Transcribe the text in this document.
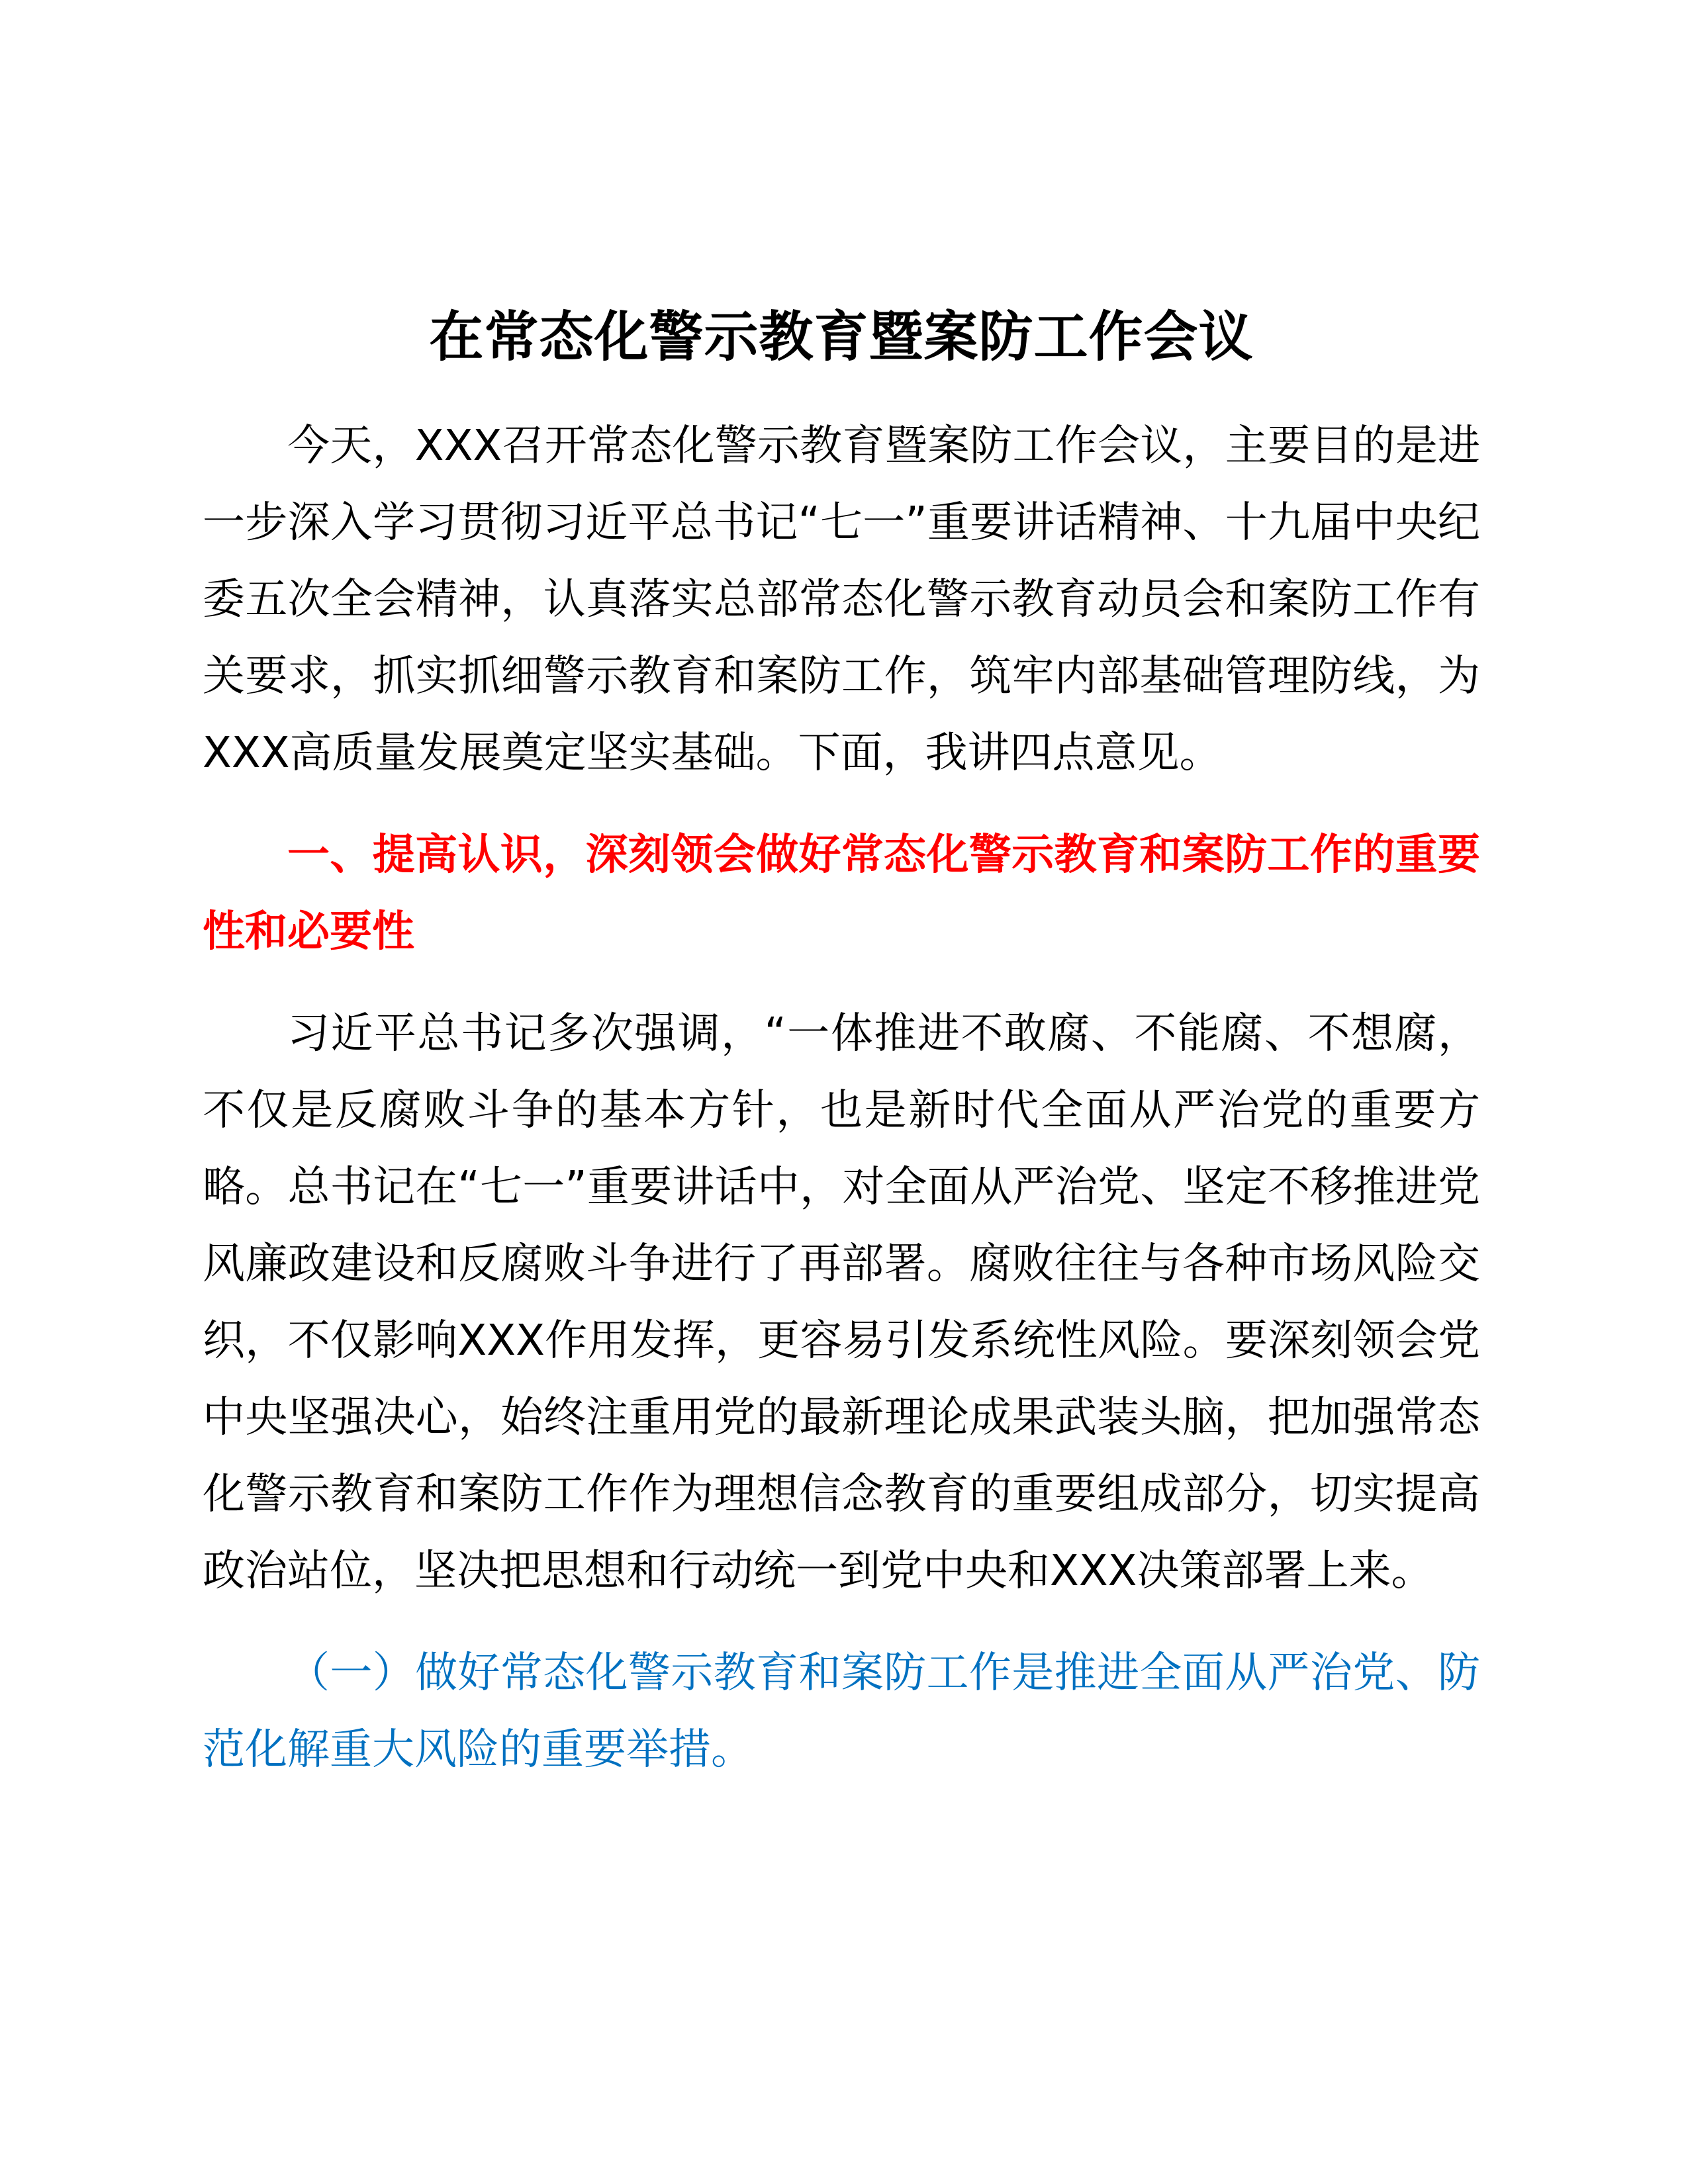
在常态化警示教育暨案防工作会议

今天，XXX召开常态化警示教育暨案防工作会议，主要目的是进一步深入学习贯彻习近平总书记“七一”重要讲话精神、十九届中央纪委五次全会精神，认真落实总部常态化警示教育动员会和案防工作有关要求，抓实抓细警示教育和案防工作，筑牢内部基础管理防线，为XXX高质量发展奠定坚实基础。下面，我讲四点意见。

一、提高认识，深刻领会做好常态化警示教育和案防工作的重要性和必要性

习近平总书记多次强调，“一体推进不敢腐、不能腐、不想腐，不仅是反腐败斗争的基本方针，也是新时代全面从严治党的重要方略。总书记在“七一”重要讲话中，对全面从严治党、坚定不移推进党风廉政建设和反腐败斗争进行了再部署。腐败往往与各种市场风险交织，不仅影响XXX作用发挥，更容易引发系统性风险。要深刻领会党中央坚强决心，始终注重用党的最新理论成果武装头脑，把加强常态化警示教育和案防工作作为理想信念教育的重要组成部分，切实提高政治站位，坚决把思想和行动统一到党中央和XXX决策部署上来。

（一）做好常态化警示教育和案防工作是推进全面从严治党、防范化解重大风险的重要举措。
